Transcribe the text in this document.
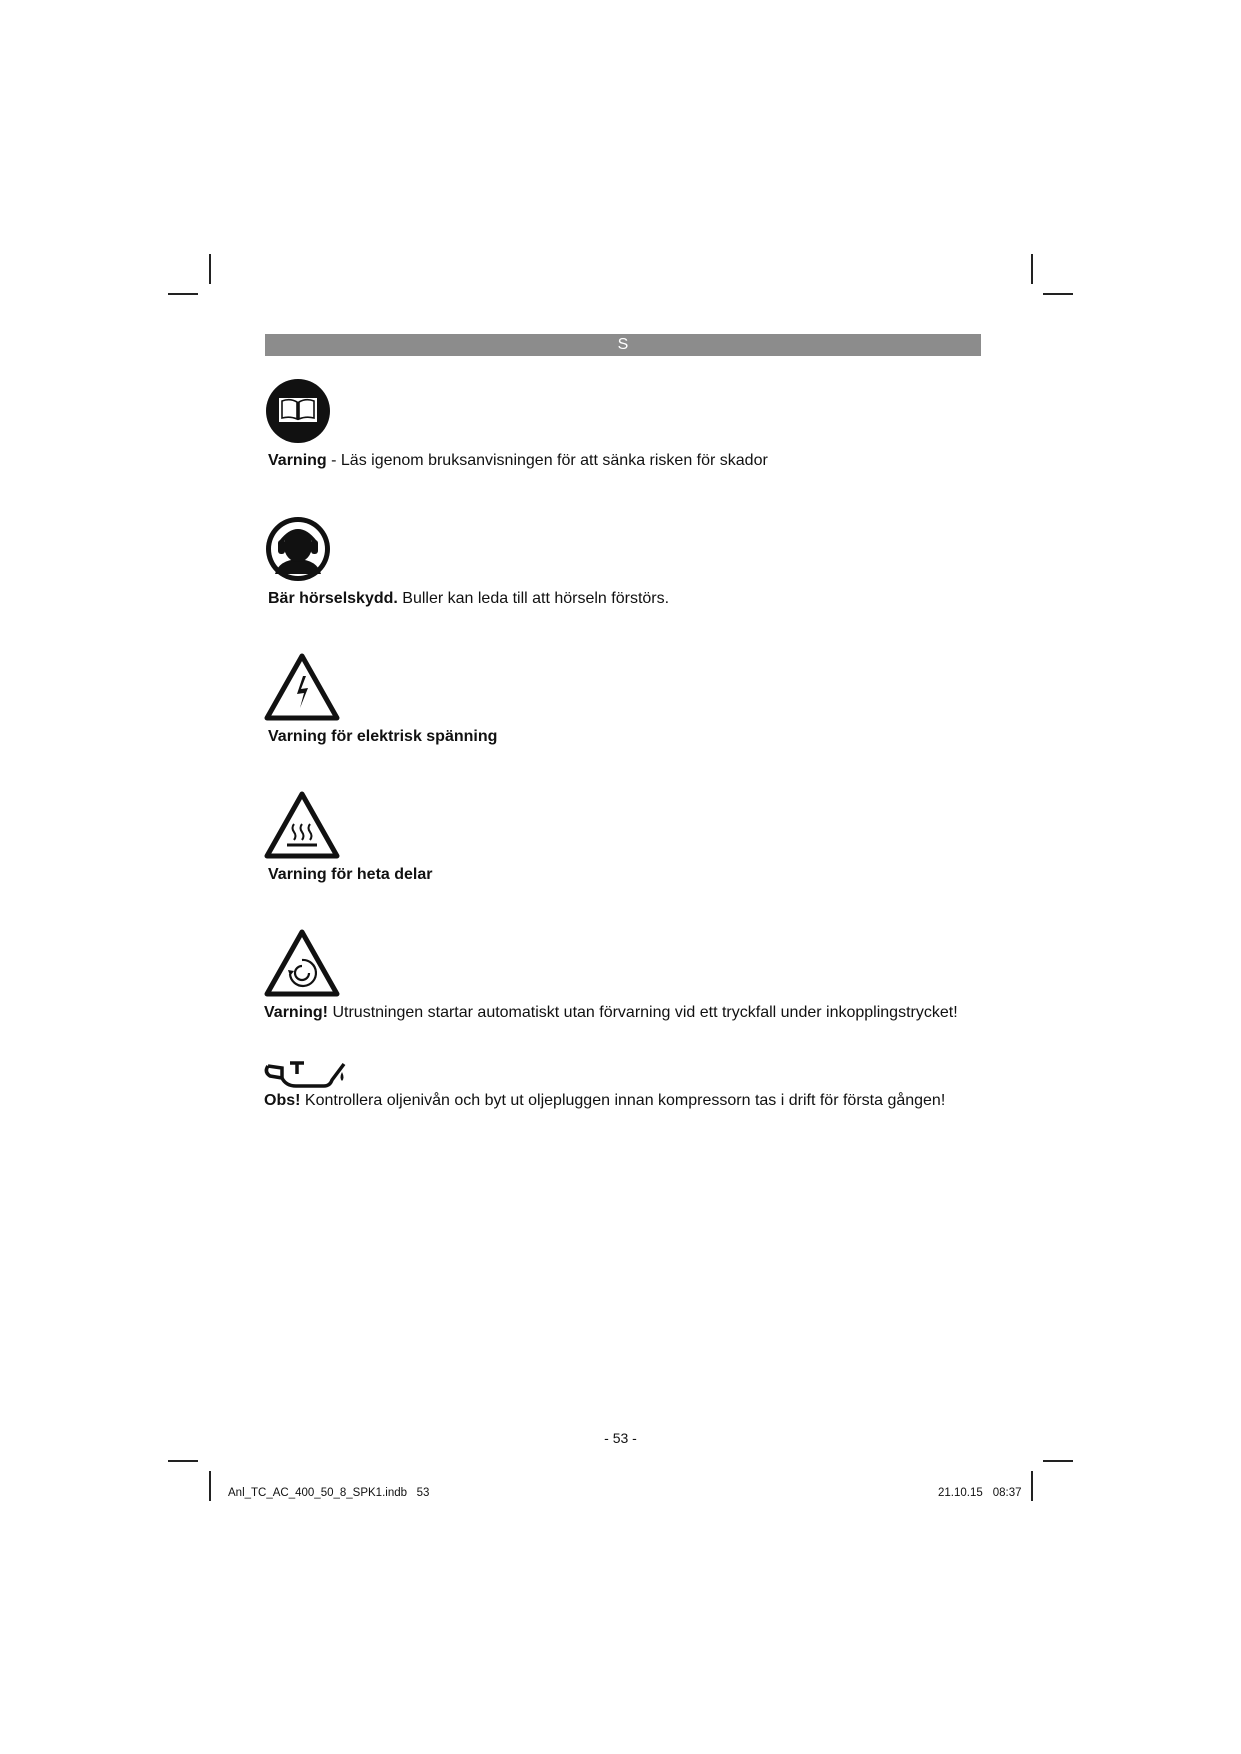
S
Varning - Läs igenom bruksanvisningen för att sänka risken för skador
Bär hörselskydd. Buller kan leda till att hörseln förstörs.
Varning för elektrisk spänning
Varning för heta delar
Varning! Utrustningen startar automatiskt utan förvarning vid ett tryckfall under inkopplingstrycket!
Obs! Kontrollera oljenivån och byt ut oljepluggen innan kompressorn tas i drift för första gången!
- 53 -
Anl_TC_AC_400_50_8_SPK1.indb   53	21.10.15 08:37
